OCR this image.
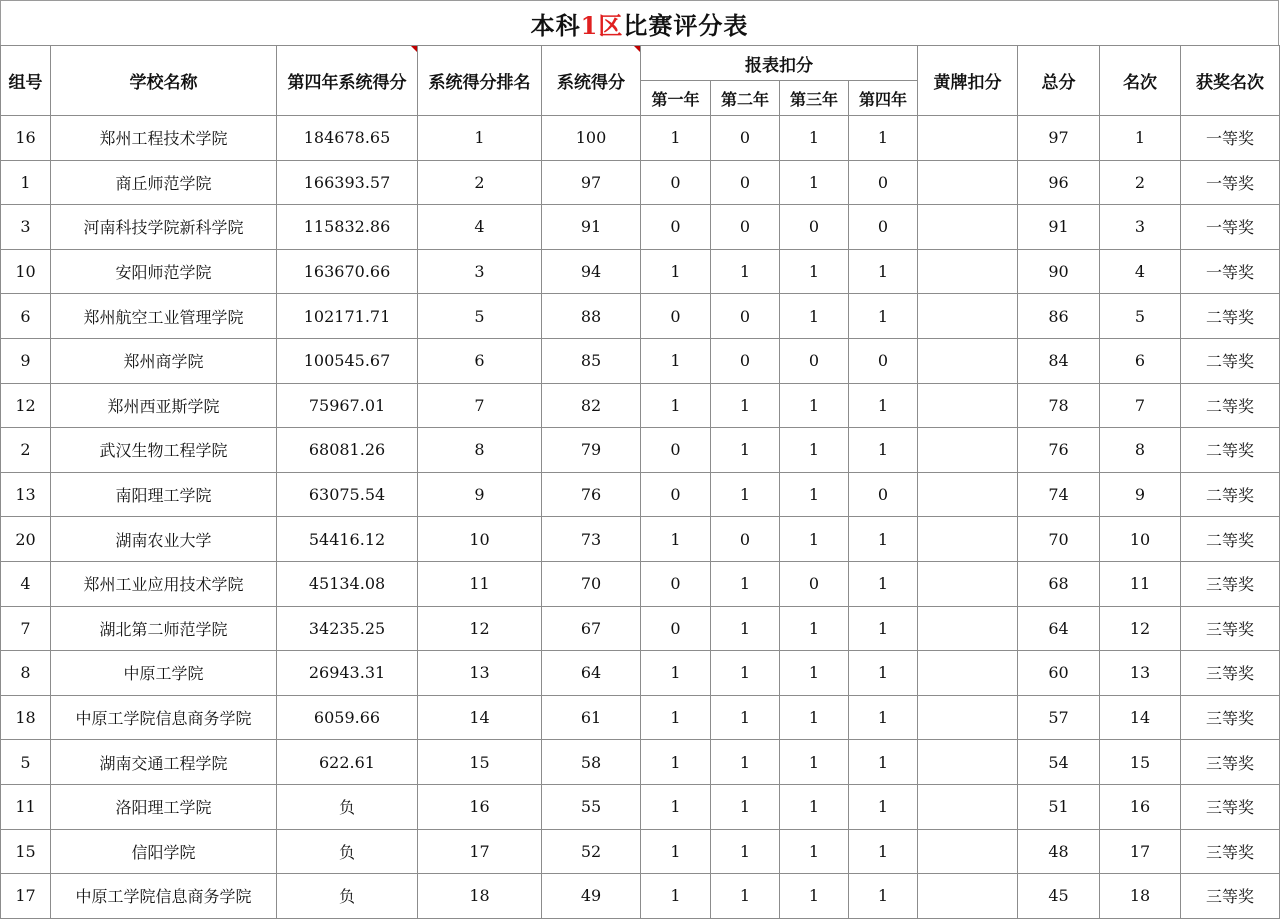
本科 1区 比赛评分表
组号	学校名称	第四年系统得分	系统得分排名	系统得分	报表扣分				黄牌扣分	总分	名次	获奖名次
					第一年	第二年	第三年	第四年				
16	郑州工程技术学院	184678.65	1	100	1	0	1	1		97	1	一等奖
1	商丘师范学院	166393.57	2	97	0	0	1	0		96	2	一等奖
3	河南科技学院新科学院	115832.86	4	91	0	0	0	0		91	3	一等奖
10	安阳师范学院	163670.66	3	94	1	1	1	1		90	4	一等奖
6	郑州航空工业管理学院	102171.71	5	88	0	0	1	1		86	5	二等奖
9	郑州商学院	100545.67	6	85	1	0	0	0		84	6	二等奖
12	郑州西亚斯学院	75967.01	7	82	1	1	1	1		78	7	二等奖
2	武汉生物工程学院	68081.26	8	79	0	1	1	1		76	8	二等奖
13	南阳理工学院	63075.54	9	76	0	1	1	0		74	9	二等奖
20	湖南农业大学	54416.12	10	73	1	0	1	1		70	10	二等奖
4	郑州工业应用技术学院	45134.08	11	70	0	1	0	1		68	11	三等奖
7	湖北第二师范学院	34235.25	12	67	0	1	1	1		64	12	三等奖
8	中原工学院	26943.31	13	64	1	1	1	1		60	13	三等奖
18	中原工学院信息商务学院	6059.66	14	61	1	1	1	1		57	14	三等奖
5	湖南交通工程学院	622.61	15	58	1	1	1	1		54	15	三等奖
11	洛阳理工学院	负	16	55	1	1	1	1		51	16	三等奖
15	信阳学院	负	17	52	1	1	1	1		48	17	三等奖
17	中原工学院信息商务学院	负	18	49	1	1	1	1		45	18	三等奖
